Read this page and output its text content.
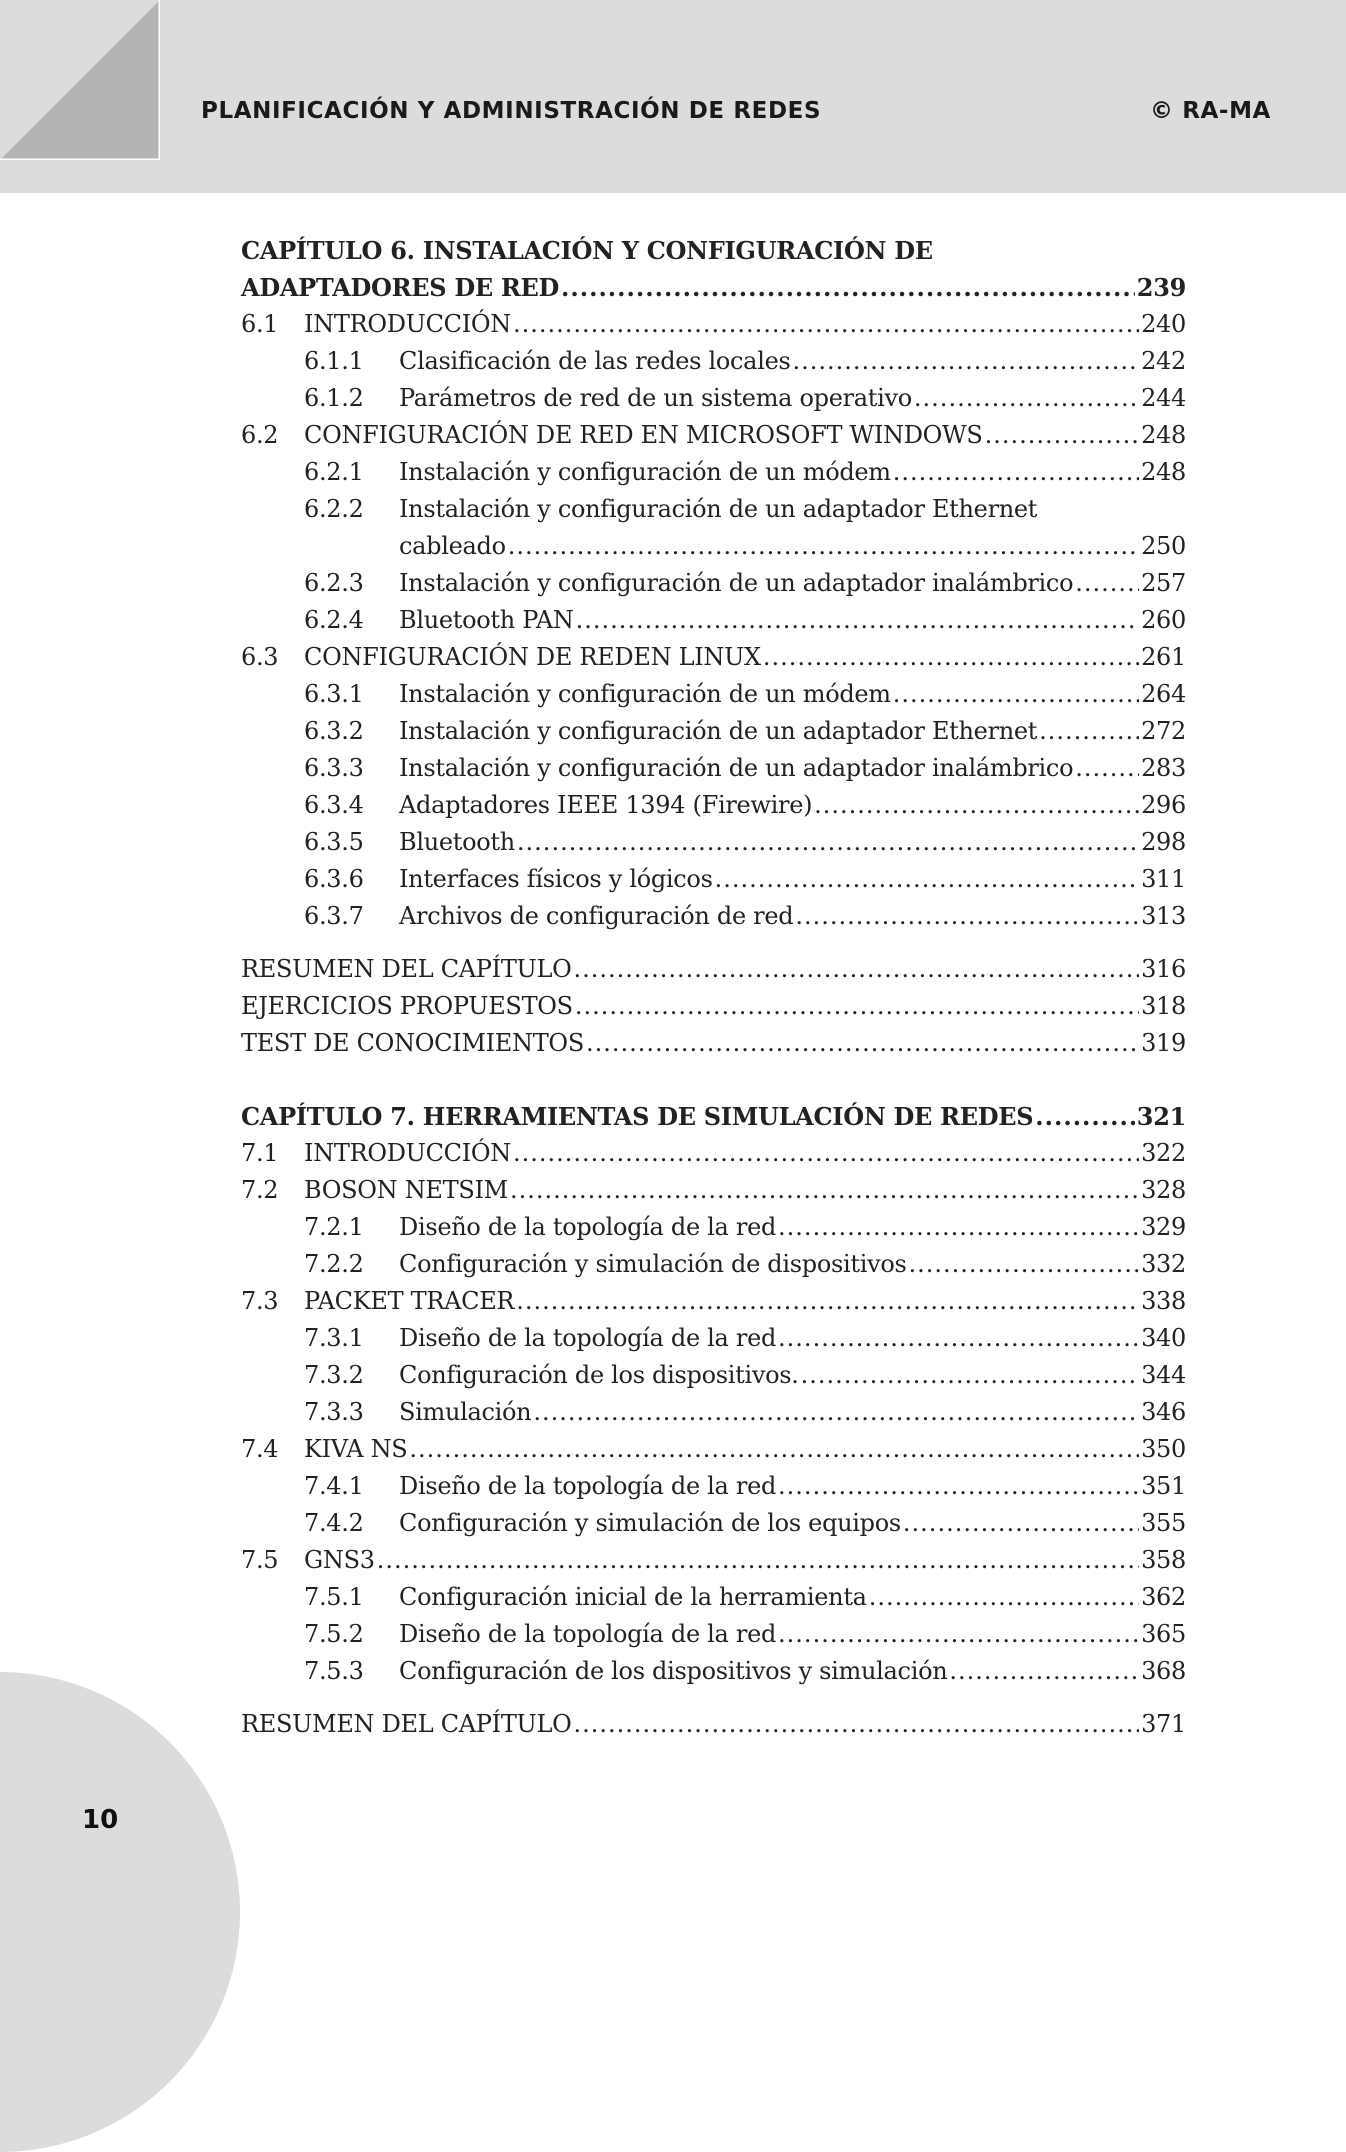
PLANIFICACIÓN Y ADMINISTRACIÓN DE REDES	© RA-MA
CAPÍTULO 6. INSTALACIÓN Y CONFIGURACIÓN DE
ADAPTADORES DE RED .....	239
6.1	INTRODUCCIÓN .....	240
6.1.1	Clasificación de las redes locales .....	242
6.1.2	Parámetros de red de un sistema operativo .....	244
6.2	CONFIGURACIÓN DE RED EN MICROSOFT WINDOWS .....	248
6.2.1	Instalación y configuración de un módem .....	248
6.2.2	Instalación y configuración de un adaptador Ethernet
cableado .....	250
6.2.3	Instalación y configuración de un adaptador inalámbrico .....	257
6.2.4	Bluetooth PAN .....	260
6.3	CONFIGURACIÓN DE REDEN LINUX .....	261
6.3.1	Instalación y configuración de un módem .....	264
6.3.2	Instalación y configuración de un adaptador Ethernet .....	272
6.3.3	Instalación y configuración de un adaptador inalámbrico .....	283
6.3.4	Adaptadores IEEE 1394 (Firewire) .....	296
6.3.5	Bluetooth .....	298
6.3.6	Interfaces físicos y lógicos .....	311
6.3.7	Archivos de configuración de red .....	313
RESUMEN DEL CAPÍTULO .....	316
EJERCICIOS PROPUESTOS .....	318
TEST DE CONOCIMIENTOS .....	319
CAPÍTULO 7. HERRAMIENTAS DE SIMULACIÓN DE REDES .....	321
7.1	INTRODUCCIÓN .....	322
7.2	BOSON NETSIM .....	328
7.2.1	Diseño de la topología de la red .....	329
7.2.2	Configuración y simulación de dispositivos .....	332
7.3	PACKET TRACER .....	338
7.3.1	Diseño de la topología de la red .....	340
7.3.2	Configuración de los dispositivos. .....	344
7.3.3	Simulación .....	346
7.4	KIVA NS .....	350
7.4.1	Diseño de la topología de la red .....	351
7.4.2	Configuración y simulación de los equipos .....	355
7.5	GNS3 .....	358
7.5.1	Configuración inicial de la herramienta .....	362
7.5.2	Diseño de la topología de la red .....	365
7.5.3	Configuración de los dispositivos y simulación .....	368
RESUMEN DEL CAPÍTULO .....	371
10
